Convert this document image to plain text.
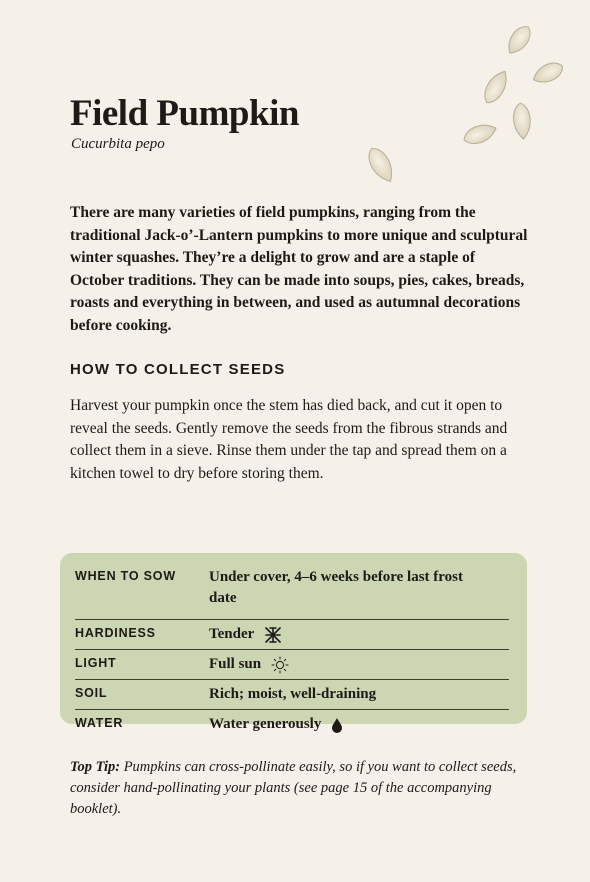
Field Pumpkin
Cucurbita pepo
There are many varieties of field pumpkins, ranging from the traditional Jack-o’-Lantern pumpkins to more unique and sculptural winter squashes. They’re a delight to grow and are a staple of October traditions. They can be made into soups, pies, cakes, breads, roasts and everything in between, and used as autumnal decorations before cooking.
HOW TO COLLECT SEEDS
Harvest your pumpkin once the stem has died back, and cut it open to reveal the seeds. Gently remove the seeds from the fibrous strands and collect them in a sieve. Rinse them under the tap and spread them on a kitchen towel to dry before storing them.
WHEN TO SOW	Under cover, 4–6 weeks before last frost date
HARDINESS	Tender
LIGHT	Full sun
SOIL	Rich; moist, well-draining
WATER	Water generously
Top Tip: Pumpkins can cross-pollinate easily, so if you want to collect seeds, consider hand-pollinating your plants (see page 15 of the accompanying booklet).
